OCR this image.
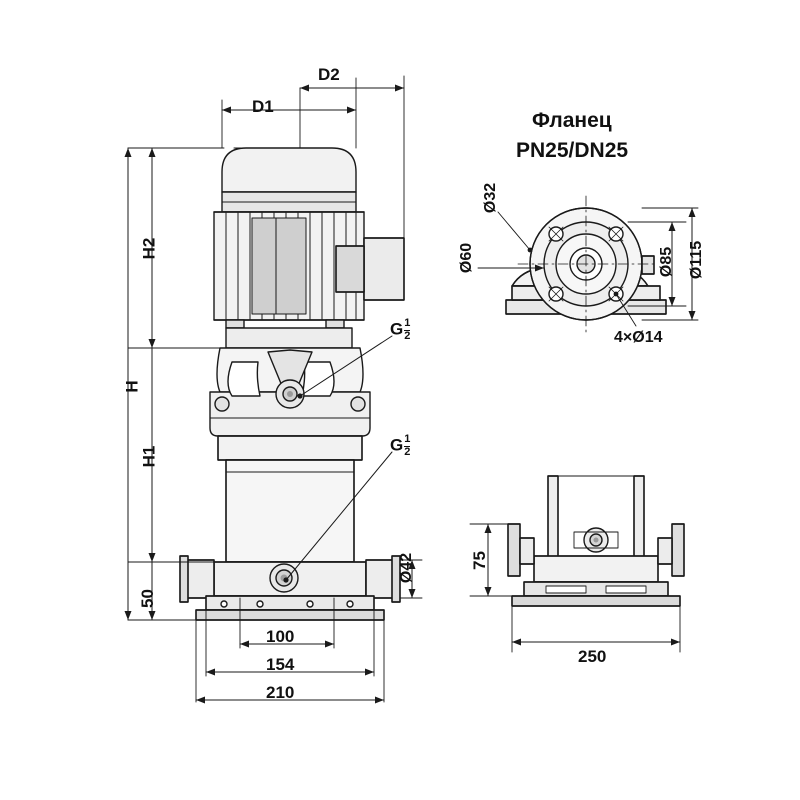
D1
D2
H
H2
H1
50
100
154
210
Ø42
G $\frac{1}{2}$
G $\frac{1}{2}$
Фланец
PN25/DN25
Ø32
Ø60	Ø85 Ø115
4×Ø14
75
250
